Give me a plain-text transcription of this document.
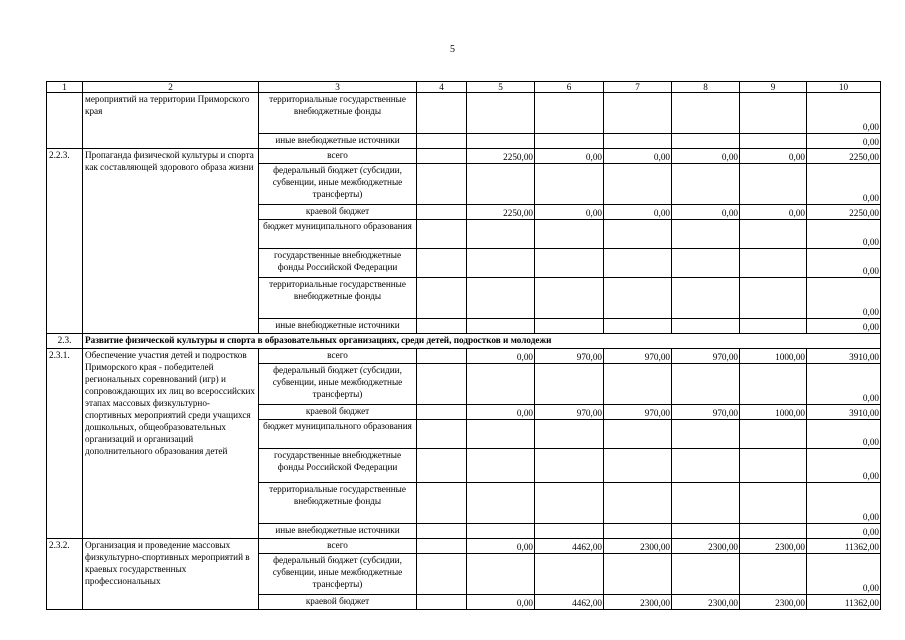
5
1	2	3	4	5	6	7	8	9	10
	мероприятий на территории Приморского края	территориальные государственные внебюджетные фонды							0,00
		иные внебюджетные источники							0,00
2.2.3.	Пропаганда физической культуры и спорта как составляющей здорового образа жизни	всего		2250,00	0,00	0,00	0,00	0,00	2250,00
		федеральный бюджет (субсидии, субвенции, иные межбюджетные трансферты)							0,00
		краевой бюджет		2250,00	0,00	0,00	0,00	0,00	2250,00
		бюджет муниципального образования							0,00
		государственные внебюджетные фонды Российской Федерации							0,00
		территориальные государственные внебюджетные фонды							0,00
		иные внебюджетные источники							0,00
2.3.	Развитие физической культуры и спорта в образовательных организациях, среди детей, подростков и молодежи								
2.3.1.	Обеспечение участия детей и подростков Приморского края - победителей региональных соревнований (игр) и сопровождающих их лиц во всероссийских этапах массовых физкультурно-спортивных мероприятий среди учащихся дошкольных, общеобразовательных организаций и организаций дополнительного образования детей	всего		0,00	970,00	970,00	970,00	1000,00	3910,00
		федеральный бюджет (субсидии, субвенции, иные межбюджетные трансферты)							0,00
		краевой бюджет		0,00	970,00	970,00	970,00	1000,00	3910,00
		бюджет муниципального образования							0,00
		государственные внебюджетные фонды Российской Федерации							0,00
		территориальные государственные внебюджетные фонды							0,00
		иные внебюджетные источники							0,00
2.3.2.	Организация и проведение массовых физкультурно-спортивных мероприятий в краевых государственных профессиональных	всего		0,00	4462,00	2300,00	2300,00	2300,00	11362,00
		федеральный бюджет (субсидии, субвенции, иные межбюджетные трансферты)							0,00
		краевой бюджет		0,00	4462,00	2300,00	2300,00	2300,00	11362,00
